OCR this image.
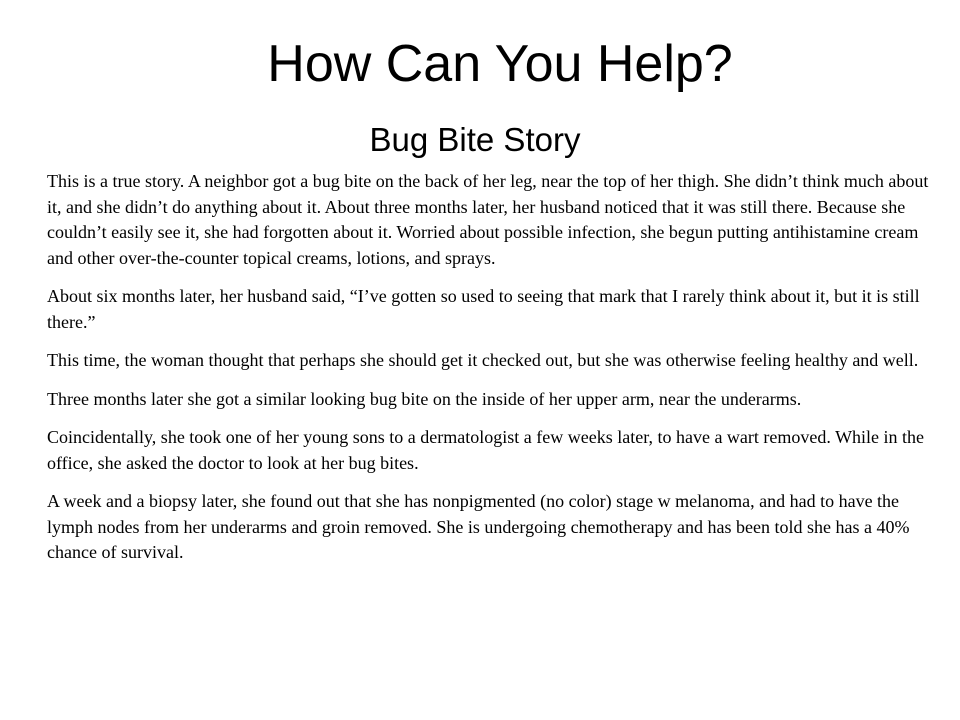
How Can You Help?
Bug Bite Story

This is a true story. A neighbor got a bug bite on the back of her leg, near the top of her thigh. She didn’t think much about it, and she didn’t do anything about it. About three months later, her husband noticed that it was still there. Because she couldn’t easily see it, she had forgotten about it. Worried about possible infection, she begun putting antihistamine cream and other over-the-counter topical creams, lotions, and sprays.

About six months later, her husband said, “I’ve gotten so used to seeing that mark that I rarely think about it, but it is still there.”

This time, the woman thought that perhaps she should get it checked out, but she was otherwise feeling healthy and well.

Three months later she got a similar looking bug bite on the inside of her upper arm, near the underarms.

Coincidentally, she took one of her young sons to a dermatologist a few weeks later, to have a wart removed. While in the office, she asked the doctor to look at her bug bites.

A week and a biopsy later, she found out that she has nonpigmented (no color) stage w melanoma, and had to have the lymph nodes from her underarms and groin removed. She is undergoing chemotherapy and has been told she has a 40% chance of survival.
